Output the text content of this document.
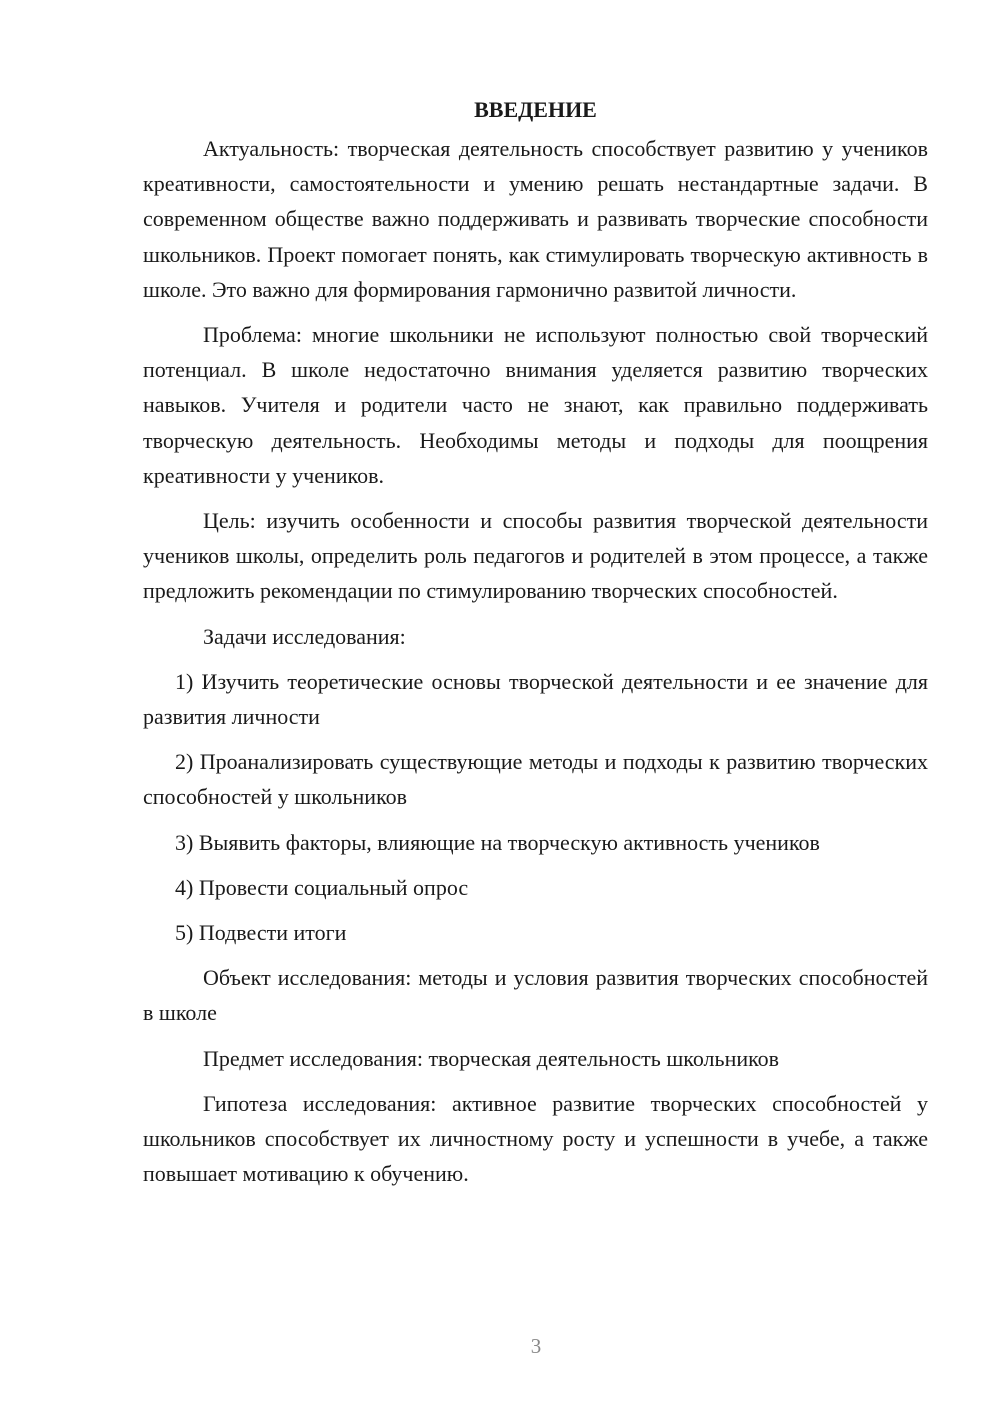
ВВЕДЕНИЕ

Актуальность: творческая деятельность способствует развитию у учеников креативности, самостоятельности и умению решать нестандартные задачи. В современном обществе важно поддерживать и развивать творческие способности школьников. Проект помогает понять, как стимулировать творческую активность в школе. Это важно для формирования гармонично развитой личности.

Проблема: многие школьники не используют полностью свой творческий потенциал. В школе недостаточно внимания уделяется развитию творческих навыков. Учителя и родители часто не знают, как правильно поддерживать творческую деятельность. Необходимы методы и подходы для поощрения креативности у учеников.

Цель: изучить особенности и способы развития творческой деятельности учеников школы, определить роль педагогов и родителей в этом процессе, а также предложить рекомендации по стимулированию творческих способностей.

Задачи исследования:

1) Изучить теоретические основы творческой деятельности и ее значение для развития личности

2) Проанализировать существующие методы и подходы к развитию творческих способностей у школьников

3) Выявить факторы, влияющие на творческую активность учеников

4) Провести социальный опрос

5) Подвести итоги

Объект исследования: методы и условия развития творческих способностей в школе

Предмет исследования: творческая деятельность школьников

Гипотеза исследования: активное развитие творческих способностей у школьников способствует их личностному росту и успешности в учебе, а также повышает мотивацию к обучению.

3
